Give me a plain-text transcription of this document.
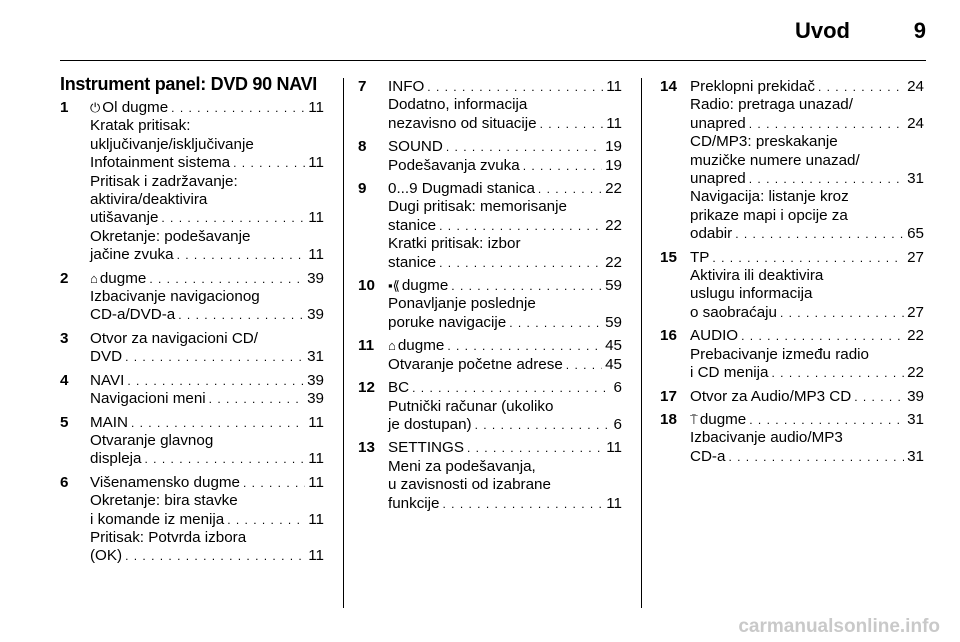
Uvod	9
Instrument panel: DVD 90 NAVI
1 ⏻ Ol dugme . . .	11
Kratak pritisak:
uključivanje/isključivanje
Infotainment sistema . . .	11
Pritisak i zadržavanje:
aktivira/deaktivira
utišavanje . . .	11
Okretanje: podešavanje
jačine zvuka . . .	11
2 ⌂ dugme . . .	39
Izbacivanje navigacionog
CD-a/DVD-a . . .	39
3 Otvor za navigacioni CD/
DVD . . .	31
4 NAVI . . .	39
Navigacioni meni . . .	39
5 MAIN . . .	11
Otvaranje glavnog
displeja . . .	11
6 Višenamensko dugme . . .	11
Okretanje: bira stavke
i komande iz menija . . .	11
Pritisak: Potvrda izbora
(OK) . . .	11
7 INFO . . .	11
Dodatno, informacija
nezavisno od situacije . . .	11
8 SOUND . . .	19
Podešavanja zvuka . . .	19
9 0...9 Dugmadi stanica . . .	22
Dugi pritisak: memorisanje
stanice . . .	22
Kratki pritisak: izbor
stanice . . .	22
10 ▪⟪ dugme . . .	59
Ponavljanje poslednje
poruke navigacije . . .	59
11 ⌂ dugme . . .	45
Otvaranje početne adrese . . .	45
12 BC . . .	6
Putnički računar (ukoliko
je dostupan) . . .	6
13 SETTINGS . . .	11
Meni za podešavanja,
u zavisnosti od izabrane
funkcije . . .	11
14 Preklopni prekidač . . .	24
Radio: pretraga unazad/
unapred . . .	24
CD/MP3: preskakanje
muzičke numere unazad/
unapred . . .	31
Navigacija: listanje kroz
prikaze mapi i opcije za
odabir . . .	65
15 TP . . .	27
Aktivira ili deaktivira
uslugu informacija
o saobraćaju . . .	27
16 AUDIO . . .	22
Prebacivanje između radio
i CD menija . . .	22
17 Otvor za Audio/MP3 CD . . .	39
18 ⍑ dugme . . .	31
Izbacivanje audio/MP3
CD-a . . .	31
carmanualsonline.info
